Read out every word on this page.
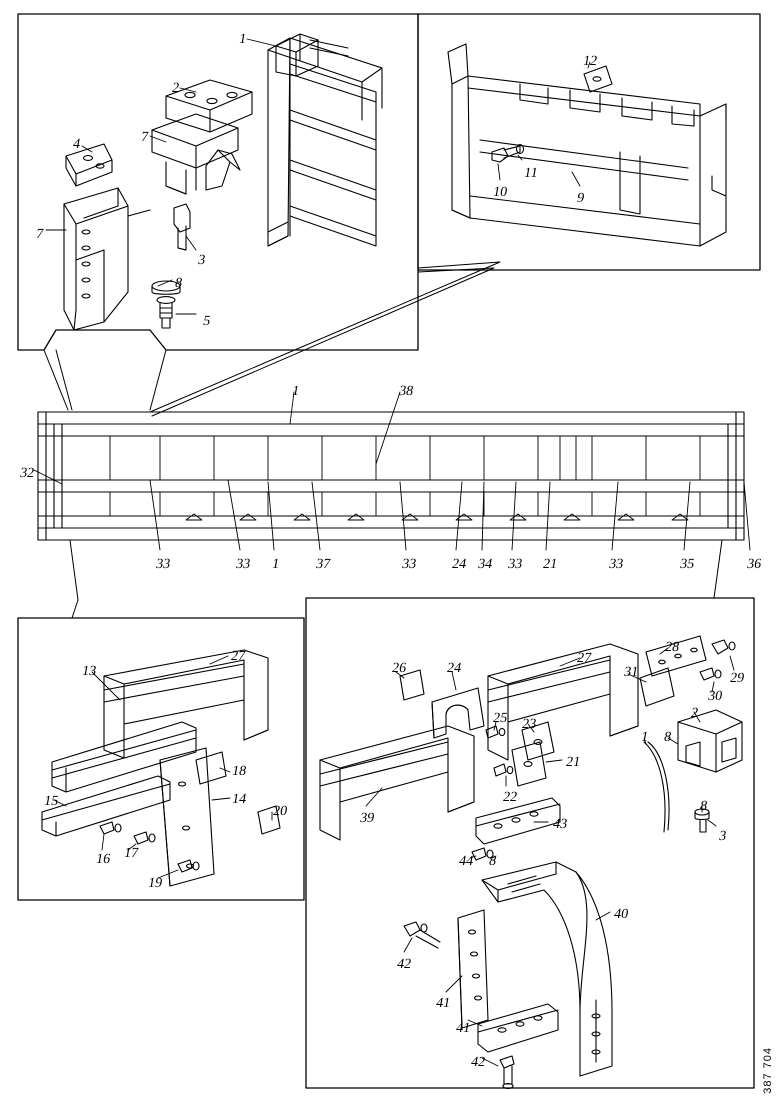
1
2
7
4
7
3
8
5
12
11
10	9
1	38
32
33	33 1 37	33 24 34 33 21	33	35	36
13
27
18
14
20
15
16 17
19
27
28
26	24	31	29
30
25 23
21
1 8
2
22
39	43
8
3
44 8
40
42
41
41
42	387 704
